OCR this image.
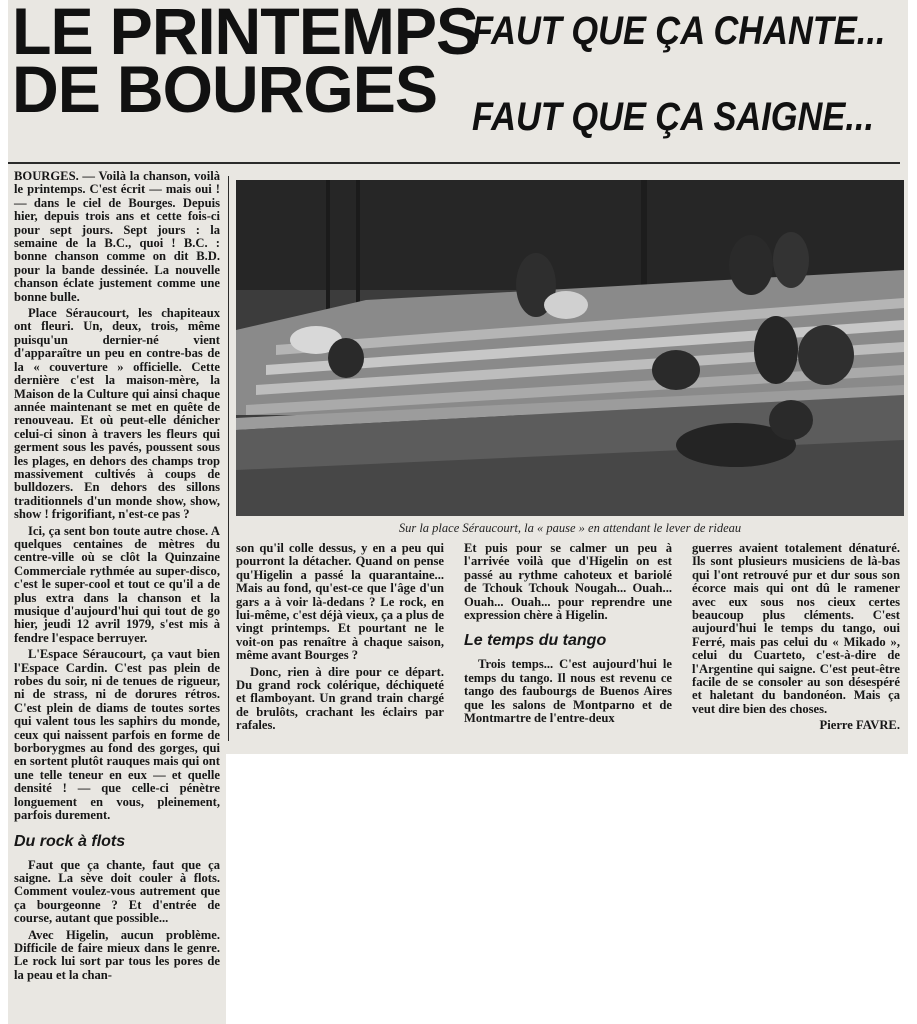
LE PRINTEMPS
DE BOURGES
FAUT QUE ÇA CHANTE...
FAUT QUE ÇA SAIGNE...
Sur la place Séraucourt, la « pause » en attendant le lever de rideau

BOURGES. — Voilà la chanson, voilà le printemps. C'est écrit — mais oui ! — dans le ciel de Bourges. Depuis hier, depuis trois ans et cette fois-ci pour sept jours. Sept jours : la semaine de la B.C., quoi ! B.C. : bonne chanson comme on dit B.D. pour la bande dessinée. La nouvelle chanson éclate justement comme une bonne bulle.

Place Séraucourt, les chapiteaux ont fleuri. Un, deux, trois, même puisqu'un dernier-né vient d'apparaître un peu en contre-bas de la « couverture » officielle. Cette dernière c'est la maison-mère, la Maison de la Culture qui ainsi chaque année maintenant se met en quête de renouveau. Et où peut-elle dénicher celui-ci sinon à travers les fleurs qui germent sous les pavés, poussent sous les plages, en dehors des champs trop massivement cultivés à coups de bulldozers. En dehors des sillons traditionnels d'un monde show, show, show ! frigorifiant, n'est-ce pas ?

Ici, ça sent bon toute autre chose. A quelques centaines de mètres du centre-ville où se clôt la Quinzaine Commerciale rythmée au super-disco, c'est le super-cool et tout ce qu'il a de plus extra dans la chanson et la musique d'aujourd'hui qui tout de go hier, jeudi 12 avril 1979, s'est mis à fendre l'espace berruyer.

L'Espace Séraucourt, ça vaut bien l'Espace Cardin. C'est pas plein de robes du soir, ni de tenues de rigueur, ni de strass, ni de dorures rétros. C'est plein de diams de toutes sortes qui valent tous les saphirs du monde, ceux qui naissent parfois en forme de borborygmes au fond des gorges, qui en sortent plutôt rauques mais qui ont une telle teneur en eux — et quelle densité ! — que celle-ci pénètre longuement en vous, pleinement, parfois durement.

Du rock à flots

Faut que ça chante, faut que ça saigne. La sève doit couler à flots. Comment voulez-vous autrement que ça bourgeonne ? Et d'entrée de course, autant que possible...

Avec Higelin, aucun problème. Difficile de faire mieux dans le genre. Le rock lui sort par tous les pores de la peau et la chan-

son qu'il colle dessus, y en a peu qui pourront la détacher. Quand on pense qu'Higelin a passé la quarantaine... Mais au fond, qu'est-ce que l'âge d'un gars a à voir là-dedans ? Le rock, en lui-même, c'est déjà vieux, ça a plus de vingt printemps. Et pourtant ne le voit-on pas renaître à chaque saison, même avant Bourges ?

Donc, rien à dire pour ce départ. Du grand rock colérique, déchiqueté et flamboyant. Un grand train chargé de brulôts, crachant les éclairs par rafales.

Et puis pour se calmer un peu à l'arrivée voilà que d'Higelin on est passé au rythme cahoteux et bariolé de Tchouk Tchouk Nougah... Ouah... Ouah... Ouah... pour reprendre une expression chère à Higelin.

Le temps du tango

Trois temps... C'est aujourd'hui le temps du tango. Il nous est revenu ce tango des faubourgs de Buenos Aires que les salons de Montparno et de Montmartre de l'entre-deux

guerres avaient totalement dénaturé. Ils sont plusieurs musiciens de là-bas qui l'ont retrouvé pur et dur sous son écorce mais qui ont dû le ramener avec eux sous nos cieux certes beaucoup plus cléments. C'est aujourd'hui le temps du tango, oui Ferré, mais pas celui du « Mikado », celui du Cuarteto, c'est-à-dire de l'Argentine qui saigne. C'est peut-être facile de se consoler au son désespéré et haletant du bandonéon. Mais ça veut dire bien des choses.

Pierre FAVRE.
